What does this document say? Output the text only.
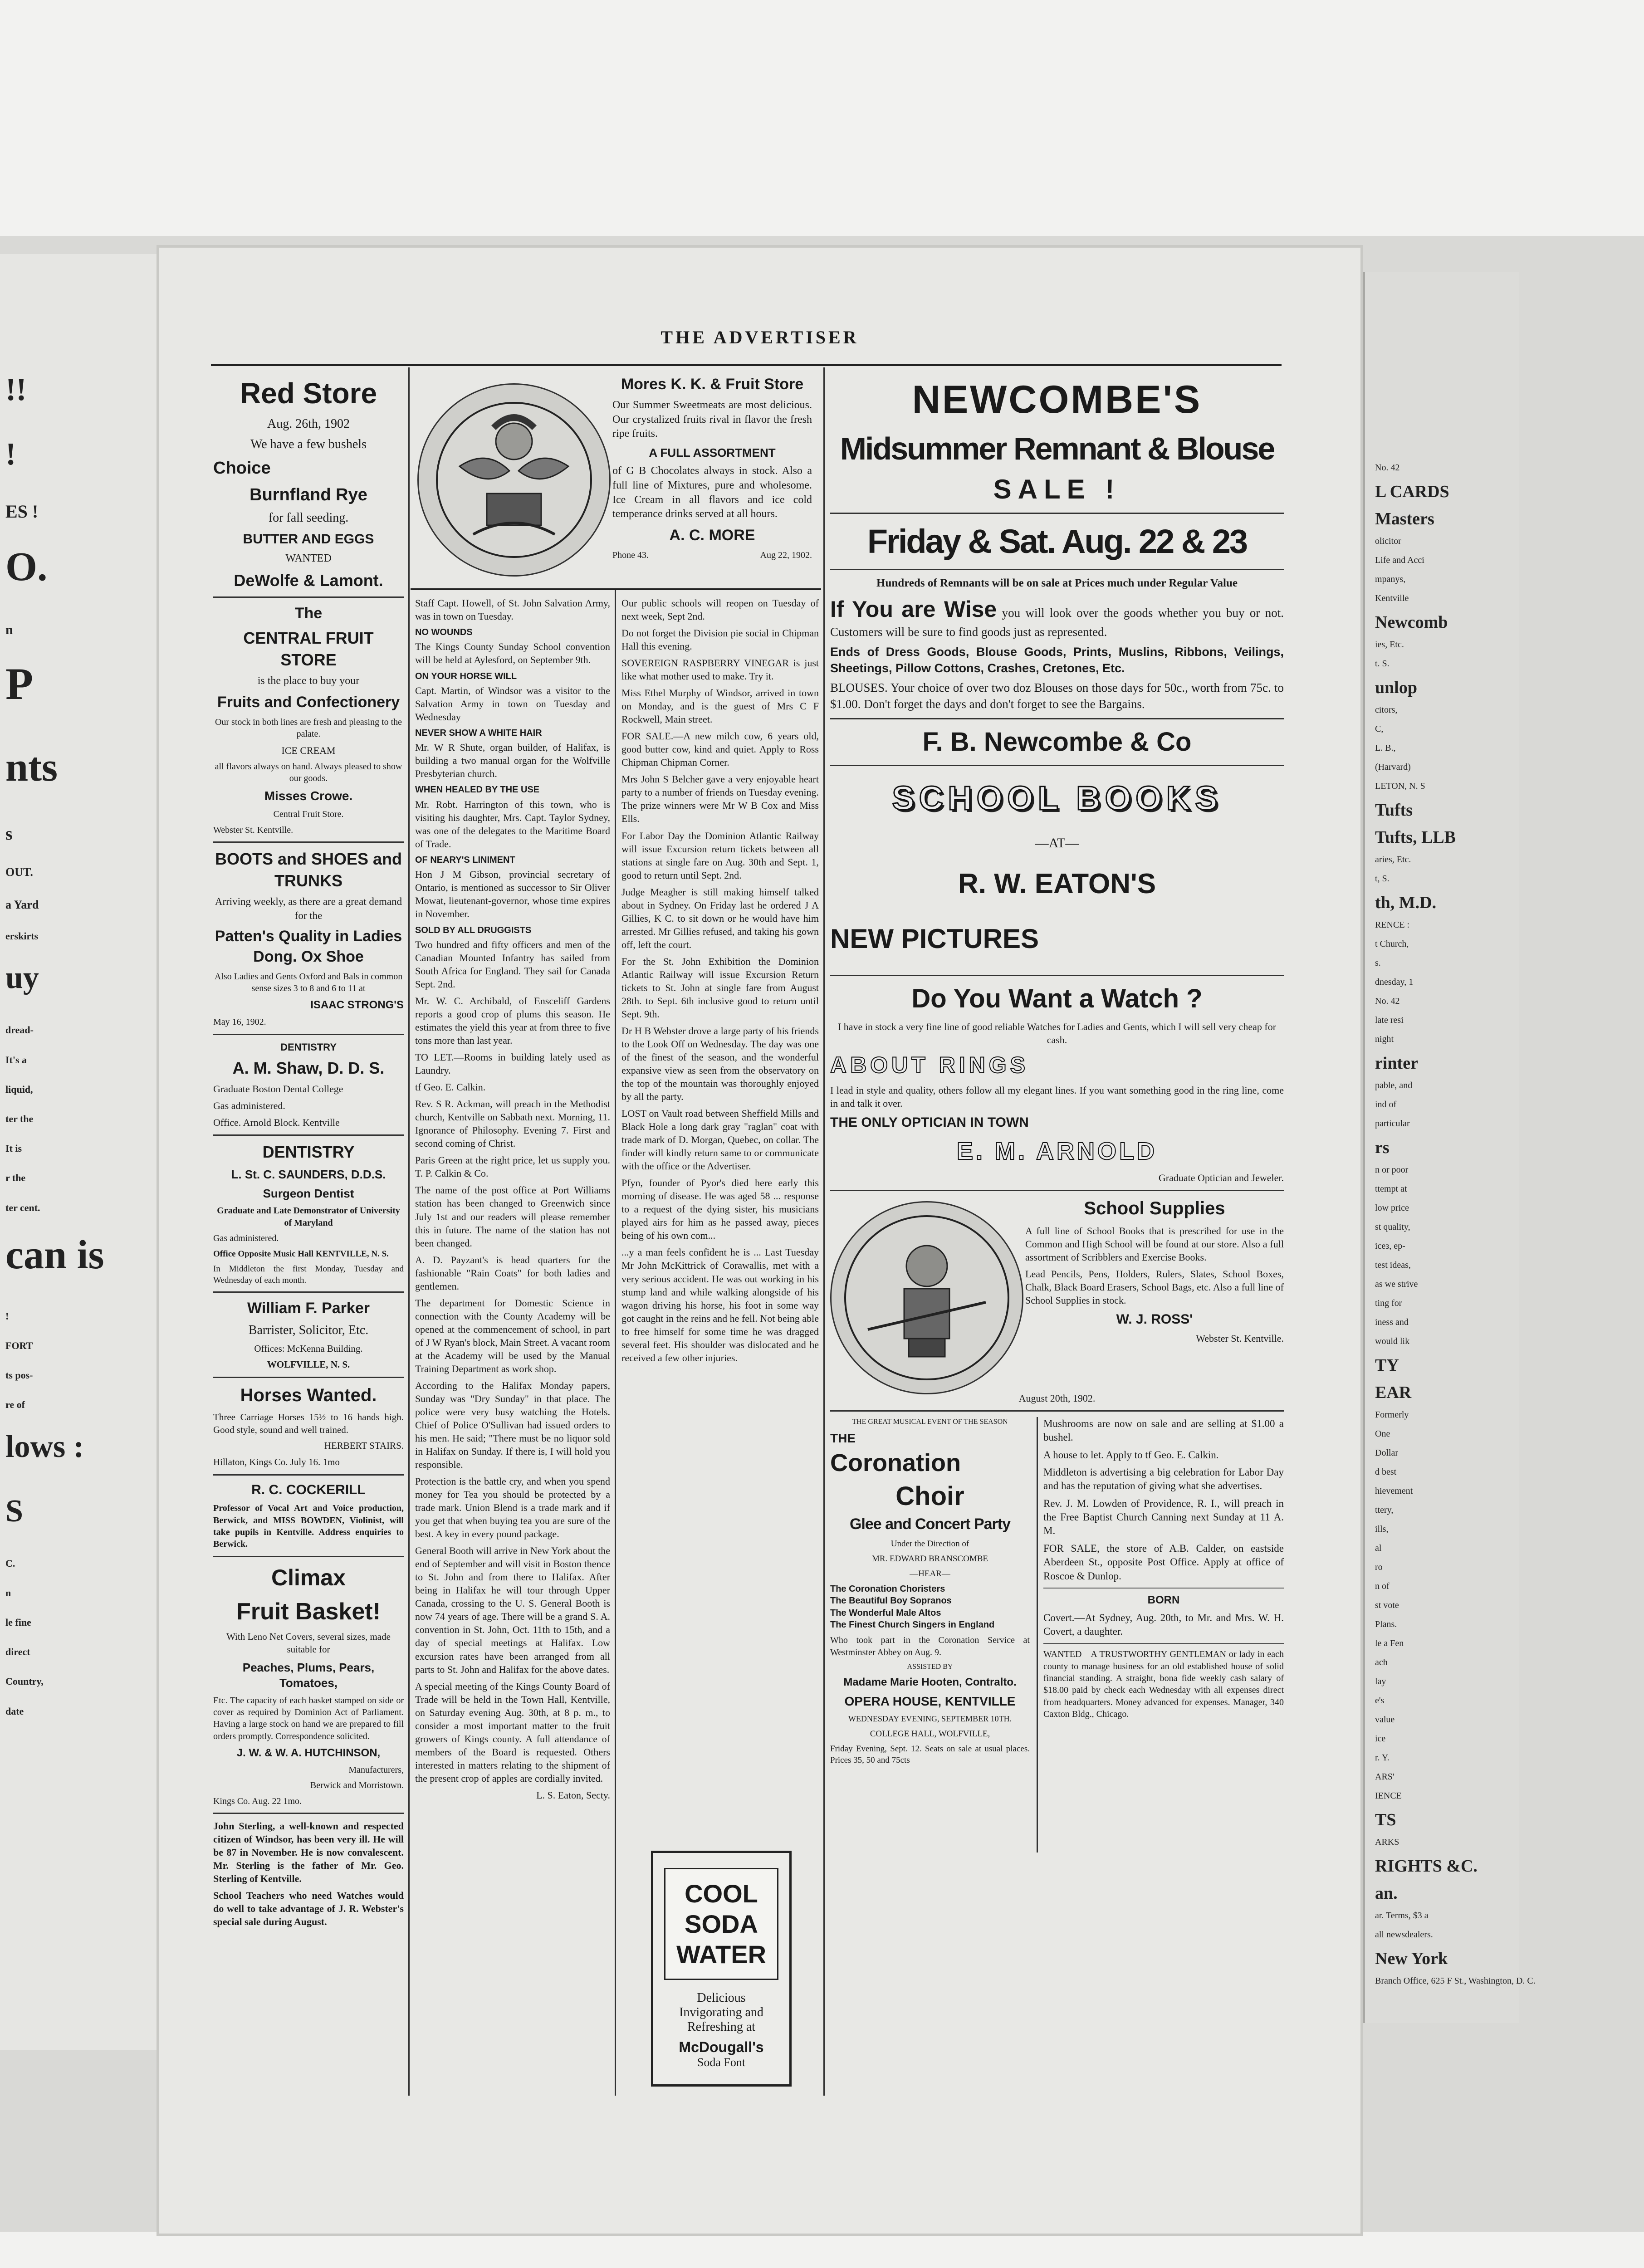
!!
!
ES !
O.
n
P
nts
s
OUT.
a Yard
erskirts
uy
dread-
It's a
liquid,
ter the
It is
r the
ter cent.
can is
!
FORT
ts pos-
re of
lows :
S
C.
n
le fine
direct
Country,
date
No. 42
L CARDS
Masters
olicitor
Life and Acci
mpanys,
Kentville
Newcomb
ies, Etc.
t. S.
unlop
citors,
C,
L. B.,
(Harvard)
LETON, N. S
Tufts
Tufts, LLB
aries, Etc.
t, S.
th, M.D.
RENCE :
t Church,
s.
dnesday, 1
No. 42
late resi
night
rinter
pable, and
ind of
particular
rs
n or poor
ttempt at
low price
st quality,
iceз, ep-
test ideas,
as we strive
ting for
iness and
would lik
TY
EAR
Formerly
One
Dollar
d best
hievement
ttery,
ills,
al
ro
n of
st vote
Plans.
le a Fen
ach
lay
e's
value
ice
r. Y.
ARS'
IENCE
TS
ARKS
RIGHTS &C.
an.
ar. Terms, $3 a
all newsdealers.
New York
Branch Office, 625 F St., Washington, D. C.
THE ADVERTISER

Red Store

Aug. 26th, 1902

We have a few bushels

Choice

Burnfland Rye

for fall seeding.

BUTTER AND EGGS

WANTED

DeWolfe & Lamont.

The

CENTRAL FRUIT STORE

is the place to buy your

Fruits and Confectionery

Our stock in both lines are fresh and pleasing to the palate.

ICE CREAM

all flavors always on hand. Always pleased to show our goods.

Misses Crowe.

Central Fruit Store.

Webster St. Kentville.

BOOTS and SHOES and TRUNKS

Arriving weekly, as there are a great demand for the

Patten's Quality in Ladies Dong. Ox Shoe

Also Ladies and Gents Oxford and Bals in common sense sizes 3 to 8 and 6 to 11 at

ISAAC STRONG'S

May 16, 1902.

DENTISTRY

A. M. Shaw, D. D. S.

Graduate Boston Dental College

Gas administered.

Office. Arnold Block. Kentville

DENTISTRY

L. St. C. SAUNDERS, D.D.S.

Surgeon Dentist

Graduate and Late Demonstrator of University of Maryland

Gas administered.

Office Opposite Music Hall KENTVILLE, N. S.

In Middleton the first Monday, Tuesday and Wednesday of each month.

William F. Parker

Barrister, Solicitor, Etc.

Offices: McKenna Building.

WOLFVILLE, N. S.

Horses Wanted.

Three Carriage Horses 15½ to 16 hands high. Good style, sound and well trained.

HERBERT STAIRS.

Hillaton, Kings Co. July 16. 1mo

R. C. COCKERILL

Professor of Vocal Art and Voice production, Berwick, and MISS BOWDEN, Violinist, will take pupils in Kentville. Address enquiries to Berwick.

Climax

Fruit Basket!

With Leno Net Covers, several sizes, made suitable for

Peaches, Plums, Pears, Tomatoes,

Etc. The capacity of each basket stamped on side or cover as required by Dominion Act of Parliament. Having a large stock on hand we are prepared to fill orders promptly. Correspondence solicited.

J. W. & W. A. HUTCHINSON,

Manufacturers,

Berwick and Morristown.

Kings Co. Aug. 22 1mo.

John Sterling, a well-known and respected citizen of Windsor, has been very ill. He will be 87 in November. He is now convalescent. Mr. Sterling is the father of Mr. Geo. Sterling of Kentville.

School Teachers who need Watches would do well to take advantage of J. R. Webster's special sale during August.

Mores K. K. & Fruit Store

Our Summer Sweetmeats are most delicious. Our crystalized fruits rival in flavor the fresh ripe fruits.

A FULL ASSORTMENT

of G B Chocolates always in stock. Also a full line of Mixtures, pure and wholesome. Ice Cream in all flavors and ice cold temperance drinks served at all hours.

A. C. MORE

Phone 43.	Aug 22, 1902.

Staff Capt. Howell, of St. John Salvation Army, was in town on Tuesday.

NO WOUNDS

The Kings County Sunday School convention will be held at Aylesford, on September 9th.

ON YOUR HORSE WILL

Capt. Martin, of Windsor was a visitor to the Salvation Army in town on Tuesday and Wednesday

NEVER SHOW A WHITE HAIR

Mr. W R Shute, organ builder, of Halifax, is building a two manual organ for the Wolfville Presbyterian church.

WHEN HEALED BY THE USE

Mr. Robt. Harrington of this town, who is visiting his daughter, Mrs. Capt. Taylor Sydney, was one of the delegates to the Maritime Board of Trade.

OF NEARY'S LINIMENT

Hon J M Gibson, provincial secretary of Ontario, is mentioned as successor to Sir Oliver Mowat, lieutenant-governor, whose time expires in November.

SOLD BY ALL DRUGGISTS

Two hundred and fifty officers and men of the Canadian Mounted Infantry has sailed from South Africa for England. They sail for Canada Sept. 2nd.

Mr. W. C. Archibald, of Ensceliff Gardens reports a good crop of plums this season. He estimates the yield this year at from three to five tons more than last year.

TO LET.—Rooms in building lately used as Laundry.

tf Geo. E. Calkin.

Rev. S R. Ackman, will preach in the Methodist church, Kentville on Sabbath next. Morning, 11. Ignorance of Philosophy. Evening 7. First and second coming of Christ.

Paris Green at the right price, let us supply you. T. P. Calkin & Co.

The name of the post office at Port Williams station has been changed to Greenwich since July 1st and our readers will please remember this in future. The name of the station has not been changed.

A. D. Payzant's is head quarters for the fashionable "Rain Coats" for both ladies and gentlemen.

The department for Domestic Science in connection with the County Academy will be opened at the commencement of school, in part of J W Ryan's block, Main Street. A vacant room at the Academy will be used by the Manual Training Department as work shop.

According to the Halifax Monday papers, Sunday was "Dry Sunday" in that place. The police were very busy watching the Hotels. Chief of Police O'Sullivan had issued orders to his men. He said; "There must be no liquor sold in Halifax on Sunday. If there is, I will hold you responsible.

Protection is the battle cry, and when you spend money for Tea you should be protected by a trade mark. Union Blend is a trade mark and if you get that when buying tea you are sure of the best. A key in every pound package.

General Booth will arrive in New York about the end of September and will visit in Boston thence to St. John and from there to Halifax. After being in Halifax he will tour through Upper Canada, crossing to the U. S. General Booth is now 74 years of age. There will be a grand S. A. convention in St. John, Oct. 11th to 15th, and a day of special meetings at Halifax. Low excursion rates have been arranged from all parts to St. John and Halifax for the above dates.

A special meeting of the Kings County Board of Trade will be held in the Town Hall, Kentville, on Saturday evening Aug. 30th, at 8 p. m., to consider a most important matter to the fruit growers of Kings county. A full attendance of members of the Board is requested. Others interested in matters relating to the shipment of the present crop of apples are cordially invited.

L. S. Eaton, Secty.

Our public schools will reopen on Tuesday of next week, Sept 2nd.

Do not forget the Division pie social in Chipman Hall this evening.

SOVEREIGN RASPBERRY VINEGAR is just like what mother used to make. Try it.

Miss Ethel Murphy of Windsor, arrived in town on Monday, and is the guest of Mrs C F Rockwell, Main street.

FOR SALE.—A new milch cow, 6 years old, good butter cow, kind and quiet. Apply to Ross Chipman Chipman Corner.

Mrs John S Belcher gave a very enjoyable heart party to a number of friends on Tuesday evening. The prize winners were Mr W B Cox and Miss Ells.

For Labor Day the Dominion Atlantic Railway will issue Excursion return tickets between all stations at single fare on Aug. 30th and Sept. 1, good to return until Sept. 2nd.

Judge Meagher is still making himself talked about in Sydney. On Friday last he ordered J A Gillies, K C. to sit down or he would have him arrested. Mr Gillies refused, and taking his gown off, left the court.

For the St. John Exhibition the Dominion Atlantic Railway will issue Excursion Return tickets to St. John at single fare from August 28th. to Sept. 6th inclusive good to return until Sept. 9th.

Dr H B Webster drove a large party of his friends to the Look Off on Wednesday. The day was one of the finest of the season, and the wonderful expansive view as seen from the observatory on the top of the mountain was thoroughly enjoyed by all the party.

LOST on Vault road between Sheffield Mills and Black Hole a long dark gray "raglan" coat with trade mark of D. Morgan, Quebec, on collar. The finder will kindly return same to or communicate with the office or the Advertiser.

Pfyn, founder of Pyor's died here early this morning of disease. He was aged 58 ... response to a request of the dying sister, his musicians played airs for him as he passed away, pieces being of his own com...

...y a man feels confident he is ... Last Tuesday Mr John McKittrick of Corawallis, met with a very serious accident. He was out working in his stump land and while walking alongside of his wagon driving his horse, his foot in some way got caught in the reins and he fell. Not being able to free himself for some time he was dragged several feet. His shoulder was dislocated and he received a few other injuries.

COOL
SODA
WATER
Delicious Invigorating and Refreshing at
McDougall's
Soda Font

NEWCOMBE'S

Midsummer Remnant & Blouse

SALE !

Friday & Sat. Aug. 22 & 23

Hundreds of Remnants will be on sale at Prices much under Regular Value

If You are Wise you will look over the goods whether you buy or not. Customers will be sure to find goods just as represented.

Ends of Dress Goods, Blouse Goods, Prints, Muslins, Ribbons, Veilings, Sheetings, Pillow Cottons, Crashes, Cretones, Etc.

BLOUSES. Your choice of over two doz Blouses on those days for 50c., worth from 75c. to $1.00. Don't forget the days and don't forget to see the Bargains.

F. B. Newcombe & Co

SCHOOL BOOKS

—AT—

R. W. EATON'S

NEW PICTURES

Do You Want a Watch ?

I have in stock a very fine line of good reliable Watches for Ladies and Gents, which I will sell very cheap for cash.

ABOUT RINGS

I lead in style and quality, others follow all my elegant lines. If you want something good in the ring line, come in and talk it over.

THE ONLY OPTICIAN IN TOWN

E. M. ARNOLD

Graduate Optician and Jeweler.

School Supplies

A full line of School Books that is prescribed for use in the Common and High School will be found at our store. Also a full assortment of Scribblers and Exercise Books.

Lead Pencils, Pens, Holders, Rulers, Slates, School Boxes, Chalk, Black Board Erasers, School Bags, etc. Also a full line of School Supplies in stock.

W. J. ROSS'

Webster St. Kentville.

August 20th, 1902.

THE GREAT MUSICAL EVENT OF THE SEASON

THE

Coronation

Choir

Glee and Concert Party

Under the Direction of

MR. EDWARD BRANSCOMBE

—HEAR—

The Coronation Choristers

The Beautiful Boy Sopranos

The Wonderful Male Altos

The Finest Church Singers in England

Who took part in the Coronation Service at Westminster Abbey on Aug. 9.

ASSISTED BY

Madame Marie Hooten, Contralto.

OPERA HOUSE, KENTVILLE

WEDNESDAY EVENING, SEPTEMBER 10TH.

COLLEGE HALL, WOLFVILLE,

Friday Evening, Sept. 12. Seats on sale at usual places. Prices 35, 50 and 75cts

Mushrooms are now on sale and are selling at $1.00 a bushel.

A house to let. Apply to tf Geo. E. Calkin.

Middleton is advertising a big celebration for Labor Day and has the reputation of giving what she advertises.

Rev. J. M. Lowden of Providence, R. I., will preach in the Free Baptist Church Canning next Sunday at 11 A. M.

FOR SALE, the store of A.B. Calder, on eastside Aberdeen St., opposite Post Office. Apply at office of Roscoe & Dunlop.

BORN

Covert.—At Sydney, Aug. 20th, to Mr. and Mrs. W. H. Covert, a daughter.

WANTED—A TRUSTWORTHY GENTLEMAN or lady in each county to manage business for an old established house of solid financial standing. A straight, bona fide weekly cash salary of $18.00 paid by check each Wednesday with all expenses direct from headquarters. Money advanced for expenses. Manager, 340 Caxton Bldg., Chicago.
